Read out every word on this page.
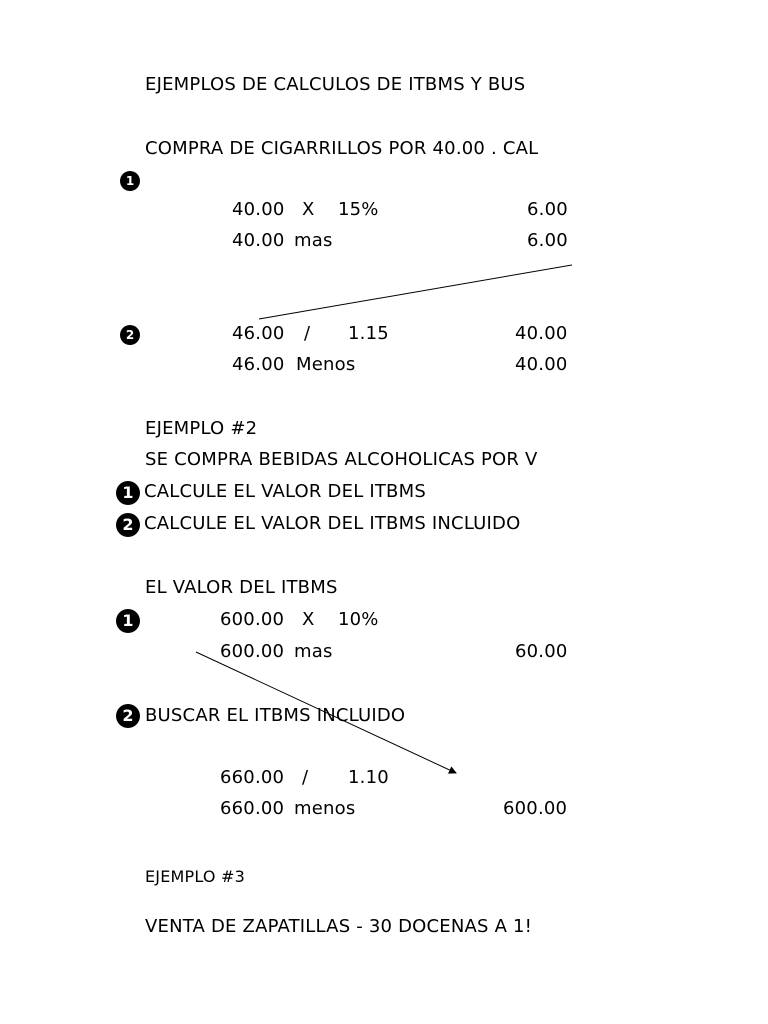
EJEMPLOS DE CALCULOS DE ITBMS Y BUS
COMPRA DE CIGARRILLOS POR 40.00 . CAL
1
40.00 X 15%	6.00
40.00 mas	6.00
2	46.00 / 1.15	40.00
46.00 Menos	40.00
EJEMPLO #2
SE COMPRA BEBIDAS ALCOHOLICAS POR V
1 CALCULE EL VALOR DEL ITBMS
2 CALCULE EL VALOR DEL ITBMS INCLUIDO
EL VALOR DEL ITBMS
1	600.00 X 10%
600.00 mas	60.00
2 BUSCAR EL ITBMS INCLUIDO
660.00 / 1.10
660.00 menos	600.00
EJEMPLO #3
VENTA DE ZAPATILLAS - 30 DOCENAS A 1!
